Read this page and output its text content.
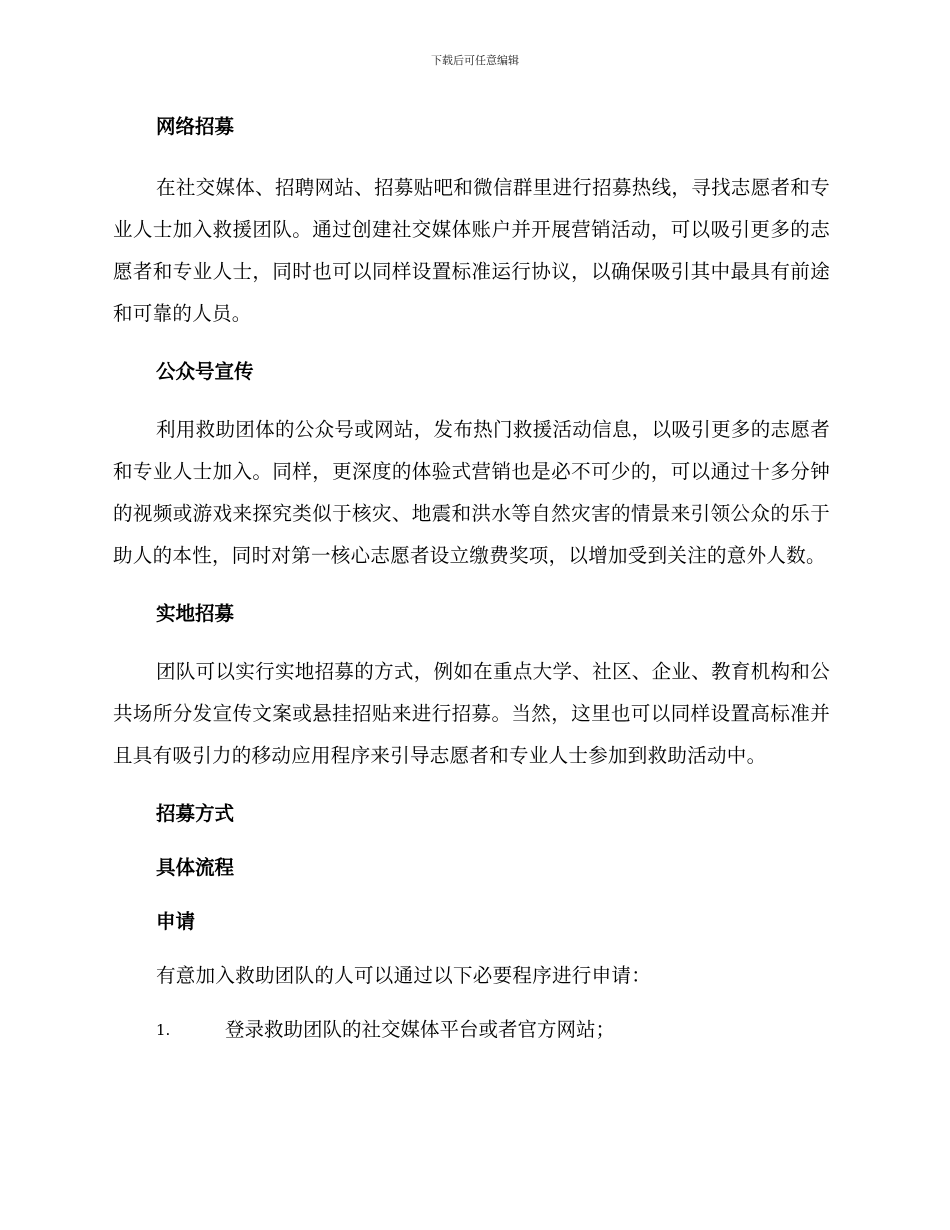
下载后可任意编辑
网络招募

在社交媒体、招聘网站、招募贴吧和微信群里进行招募热线，寻找志愿者和专业人士加入救援团队。通过创建社交媒体账户并开展营销活动，可以吸引更多的志愿者和专业人士，同时也可以同样设置标准运行协议，以确保吸引其中最具有前途和可靠的人员。

公众号宣传

利用救助团体的公众号或网站，发布热门救援活动信息，以吸引更多的志愿者和专业人士加入。同样，更深度的体验式营销也是必不可少的，可以通过十多分钟的视频或游戏来探究类似于核灾、地震和洪水等自然灾害的情景来引领公众的乐于助人的本性，同时对第一核心志愿者设立缴费奖项，以增加受到关注的意外人数。

实地招募

团队可以实行实地招募的方式，例如在重点大学、社区、企业、教育机构和公共场所分发宣传文案或悬挂招贴来进行招募。当然，这里也可以同样设置高标准并且具有吸引力的移动应用程序来引导志愿者和专业人士参加到救助活动中。

招募方式
具体流程
申请

有意加入救助团队的人可以通过以下必要程序进行申请：

1.	登录救助团队的社交媒体平台或者官方网站；
